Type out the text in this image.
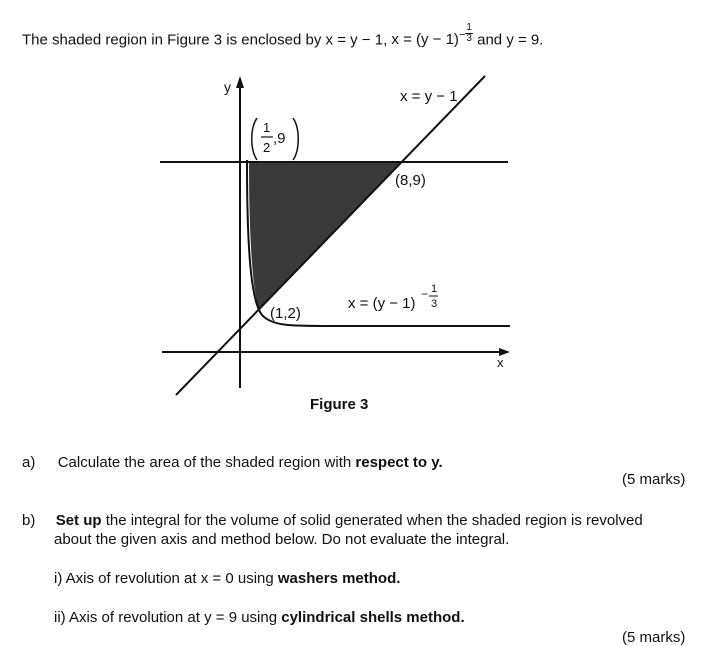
The shaded region in Figure 3 is enclosed by x = y − 1, $x = (y - 1)^- \frac{1}{3}$ and y = 9.
y
x
x = y − 1
1
2
,9
(8,9)
(1,2)
x = (y − 1)
− 1
3
Figure 3
a) Calculate the area of the shaded region with respect to y.
(5 marks)
b) Set up the integral for the volume of solid generated when the shaded region is revolved
about the given axis and method below. Do not evaluate the integral.
i) Axis of revolution at x = 0 using washers method.
ii) Axis of revolution at y = 9 using cylindrical shells method.
(5 marks)
